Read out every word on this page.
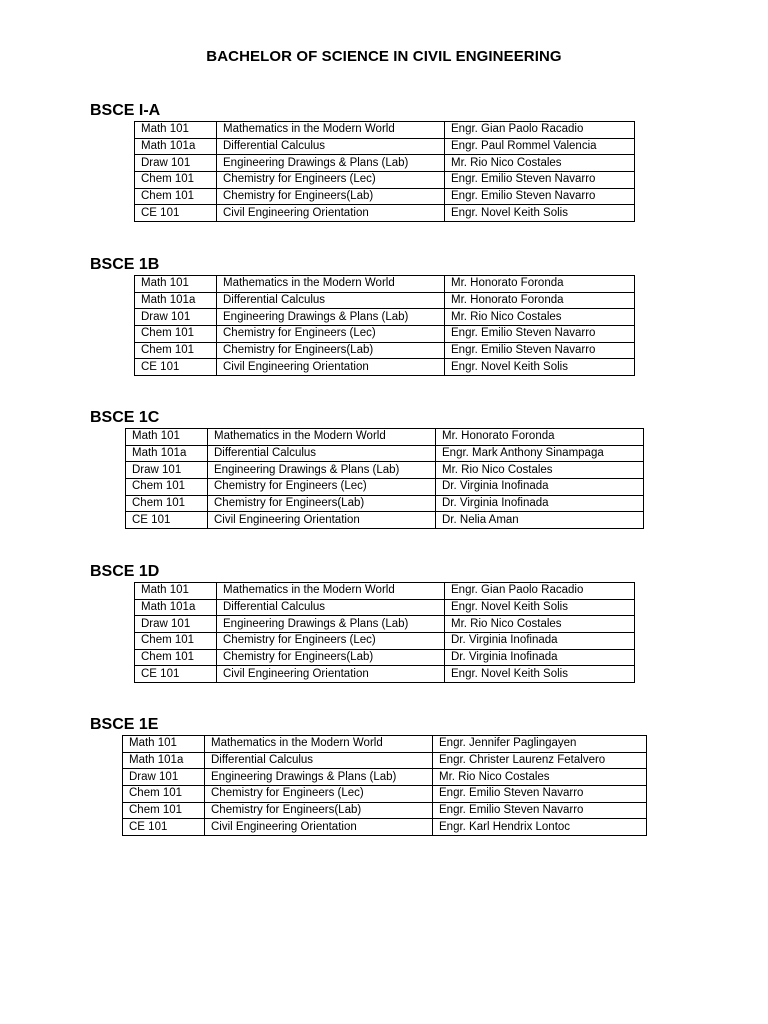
BACHELOR OF SCIENCE IN CIVIL ENGINEERING
BSCE I-A
Math 101	Mathematics in the Modern World	Engr. Gian Paolo Racadio
Math 101a	Differential Calculus	Engr. Paul Rommel Valencia
Draw 101	Engineering Drawings & Plans (Lab)	Mr. Rio Nico Costales
Chem 101	Chemistry for Engineers (Lec)	Engr. Emilio Steven Navarro
Chem 101	Chemistry for Engineers(Lab)	Engr. Emilio Steven Navarro
CE 101	Civil Engineering Orientation	Engr. Novel Keith Solis
BSCE 1B
Math 101	Mathematics in the Modern World	Mr. Honorato Foronda
Math 101a	Differential Calculus	Mr. Honorato Foronda
Draw 101	Engineering Drawings & Plans (Lab)	Mr. Rio Nico Costales
Chem 101	Chemistry for Engineers (Lec)	Engr. Emilio Steven Navarro
Chem 101	Chemistry for Engineers(Lab)	Engr. Emilio Steven Navarro
CE 101	Civil Engineering Orientation	Engr. Novel Keith Solis
BSCE 1C
Math 101	Mathematics in the Modern World	Mr. Honorato Foronda
Math 101a	Differential Calculus	Engr. Mark Anthony Sinampaga
Draw 101	Engineering Drawings & Plans (Lab)	Mr. Rio Nico Costales
Chem 101	Chemistry for Engineers (Lec)	Dr. Virginia Inofinada
Chem 101	Chemistry for Engineers(Lab)	Dr. Virginia Inofinada
CE 101	Civil Engineering Orientation	Dr. Nelia Aman
BSCE 1D
Math 101	Mathematics in the Modern World	Engr. Gian Paolo Racadio
Math 101a	Differential Calculus	Engr. Novel Keith Solis
Draw 101	Engineering Drawings & Plans (Lab)	Mr. Rio Nico Costales
Chem 101	Chemistry for Engineers (Lec)	Dr. Virginia Inofinada
Chem 101	Chemistry for Engineers(Lab)	Dr. Virginia Inofinada
CE 101	Civil Engineering Orientation	Engr. Novel Keith Solis
BSCE 1E
Math 101	Mathematics in the Modern World	Engr. Jennifer Paglingayen
Math 101a	Differential Calculus	Engr. Christer Laurenz Fetalvero
Draw 101	Engineering Drawings & Plans (Lab)	Mr. Rio Nico Costales
Chem 101	Chemistry for Engineers (Lec)	Engr. Emilio Steven Navarro
Chem 101	Chemistry for Engineers(Lab)	Engr. Emilio Steven Navarro
CE 101	Civil Engineering Orientation	Engr. Karl Hendrix Lontoc
